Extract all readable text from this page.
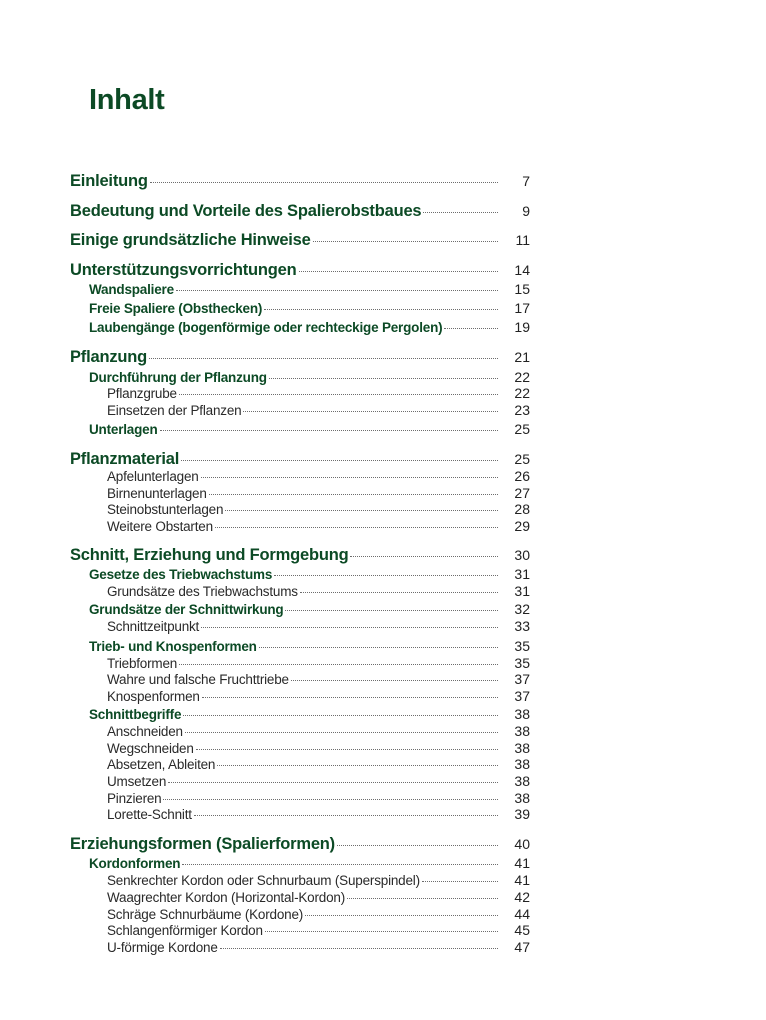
Inhalt
Einleitung	7
Bedeutung und Vorteile des Spalierobstbaues	9
Einige grundsätzliche Hinweise	11
Unterstützungsvorrichtungen	14
Wandspaliere	15
Freie Spaliere (Obsthecken)	17
Laubengänge (bogenförmige oder rechteckige Pergolen)	19
Pflanzung	21
Durchführung der Pflanzung	22
Pflanzgrube	22
Einsetzen der Pflanzen	23
Unterlagen	25
Pflanzmaterial	25
Apfelunterlagen	26
Birnenunterlagen	27
Steinobstunterlagen	28
Weitere Obstarten	29
Schnitt, Erziehung und Formgebung	30
Gesetze des Triebwachstums	31
Grundsätze des Triebwachstums	31
Grundsätze der Schnittwirkung	32
Schnittzeitpunkt	33
Trieb- und Knospenformen	35
Triebformen	35
Wahre und falsche Fruchttriebe	37
Knospenformen	37
Schnittbegriffe	38
Anschneiden	38
Wegschneiden	38
Absetzen, Ableiten	38
Umsetzen	38
Pinzieren	38
Lorette-Schnitt	39
Erziehungsformen (Spalierformen)	40
Kordonformen	41
Senkrechter Kordon oder Schnurbaum (Superspindel)	41
Waagrechter Kordon (Horizontal-Kordon)	42
Schräge Schnurbäume (Kordone)	44
Schlangenförmiger Kordon	45
U-förmige Kordone	47
